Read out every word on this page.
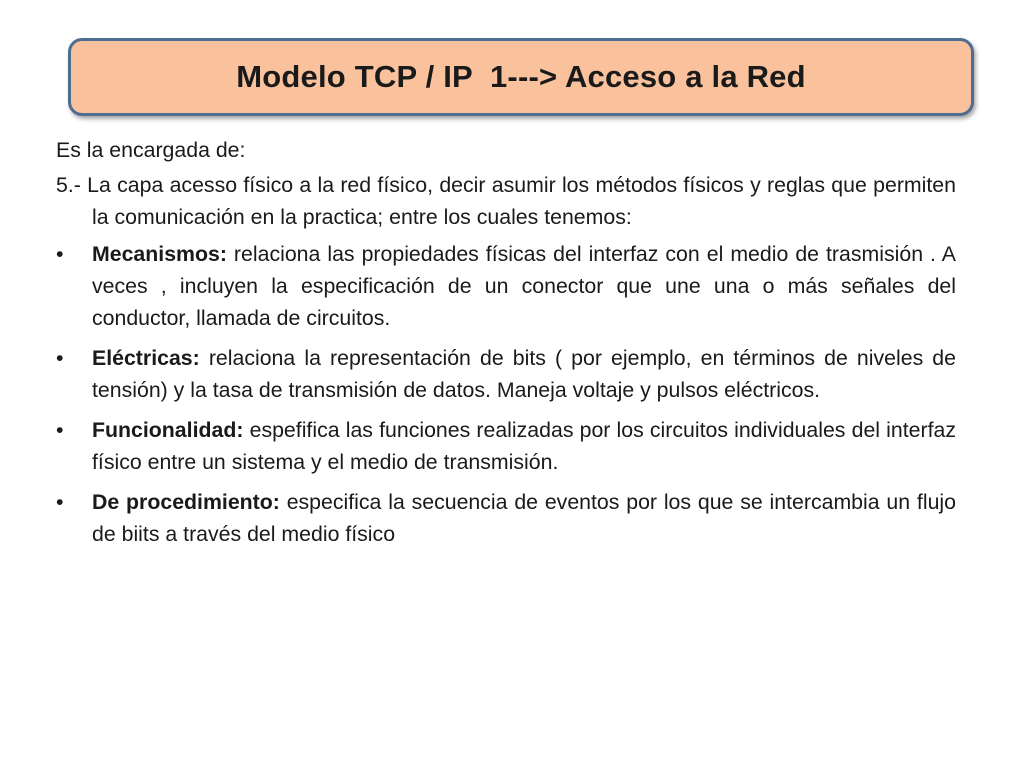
Modelo TCP / IP  1---> Acceso a la Red

Es la encargada de:

5.- La capa acesso físico a la red físico, decir asumir los métodos físicos y reglas que permiten la comunicación en la practica; entre los cuales tenemos:

•	Mecanismos: relaciona las propiedades físicas del interfaz con el medio de trasmisión . A veces , incluyen la especificación de un conector que une una o más señales del conductor, llamada de circuitos.
•	Eléctricas: relaciona la representación de bits ( por ejemplo, en términos de niveles de tensión) y la tasa de transmisión de datos. Maneja voltaje y pulsos eléctricos.
•	Funcionalidad: espefifica las funciones realizadas por los circuitos individuales del interfaz físico entre un sistema y el medio de transmisión.
•	De procedimiento: especifica la secuencia de eventos por los que se intercambia un flujo de biits a través del medio físico
